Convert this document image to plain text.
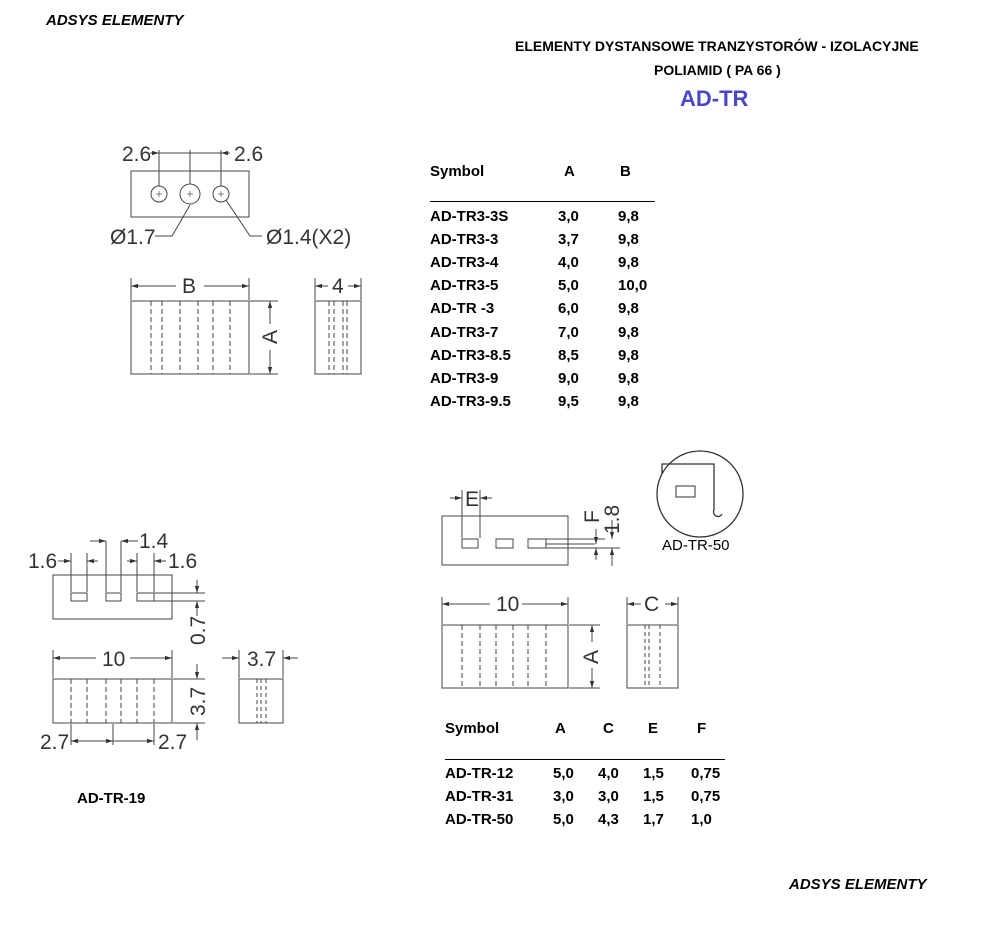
ADSYS ELEMENTY
ELEMENTY DYSTANSOWE TRANZYSTORÓW - IZOLACYJNE
POLIAMID ( PA 66 )
AD-TR
2.6	2.6
Ø1.7	Ø1.4(X2)
B
A
4
1.4
1.6	1.6
0.7
10	3.7
3.7
2.7	2.7
E
F
1.8
10
A
C
AD-TR-50
AD-TR-19
Symbol	A	B
AD-TR3-3S	3,0	9,8
AD-TR3-3	3,7	9,8
AD-TR3-4	4,0	9,8
AD-TR3-5	5,0	10,0
AD-TR -3	6,0	9,8
AD-TR3-7	7,0	9,8
AD-TR3-8.5	8,5	9,8
AD-TR3-9	9,0	9,8
AD-TR3-9.5	9,5	9,8
Symbol	A C E	F
AD-TR-12	5,0 4,0 1,5 0,75
AD-TR-31	3,0 3,0 1,5 0,75
AD-TR-50	5,0 4,3 1,7 1,0
ADSYS ELEMENTY
